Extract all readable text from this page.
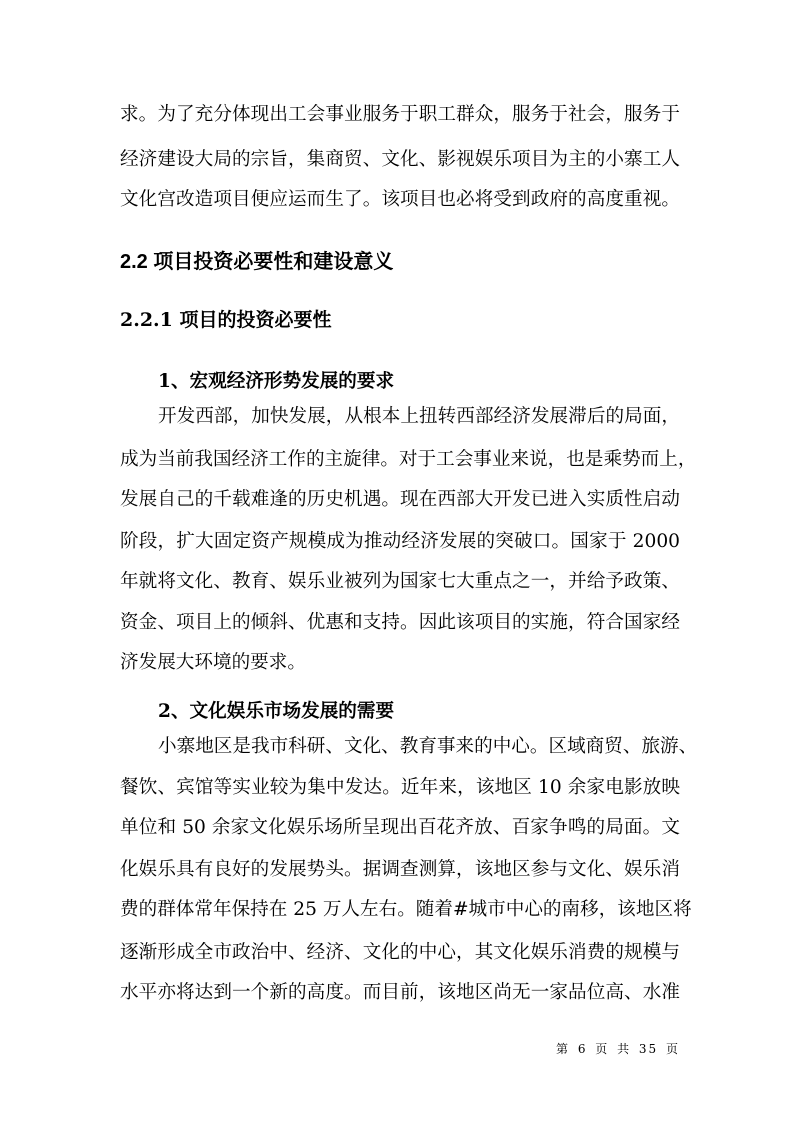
求。为了充分体现出工会事业服务于职工群众，服务于社会，服务于
经济建设大局的宗旨，集商贸、文化、影视娱乐项目为主的小寨工人
文化宫改造项目便应运而生了。该项目也必将受到政府的高度重视。
2.2 项目投资必要性和建设意义
2.2.1 项目的投资必要性
1、宏观经济形势发展的要求
开发西部，加快发展，从根本上扭转西部经济发展滞后的局面，
成为当前我国经济工作的主旋律。对于工会事业来说，也是乘势而上，
发展自己的千载难逢的历史机遇。现在西部大开发已进入实质性启动
阶段，扩大固定资产规模成为推动经济发展的突破口。国家于 2000
年就将文化、教育、娱乐业被列为国家七大重点之一，并给予政策、
资金、项目上的倾斜、优惠和支持。因此该项目的实施，符合国家经
济发展大环境的要求。
2、文化娱乐市场发展的需要
小寨地区是我市科研、文化、教育事来的中心。区域商贸、旅游、
餐饮、宾馆等实业较为集中发达。近年来，该地区 10 余家电影放映
单位和 50 余家文化娱乐场所呈现出百花齐放、百家争鸣的局面。文
化娱乐具有良好的发展势头。据调查测算，该地区参与文化、娱乐消
费的群体常年保持在 25 万人左右。随着#城市中心的南移，该地区将
逐渐形成全市政治中、经济、文化的中心，其文化娱乐消费的规模与
水平亦将达到一个新的高度。而目前，该地区尚无一家品位高、水准
第 6 页 共 35 页
